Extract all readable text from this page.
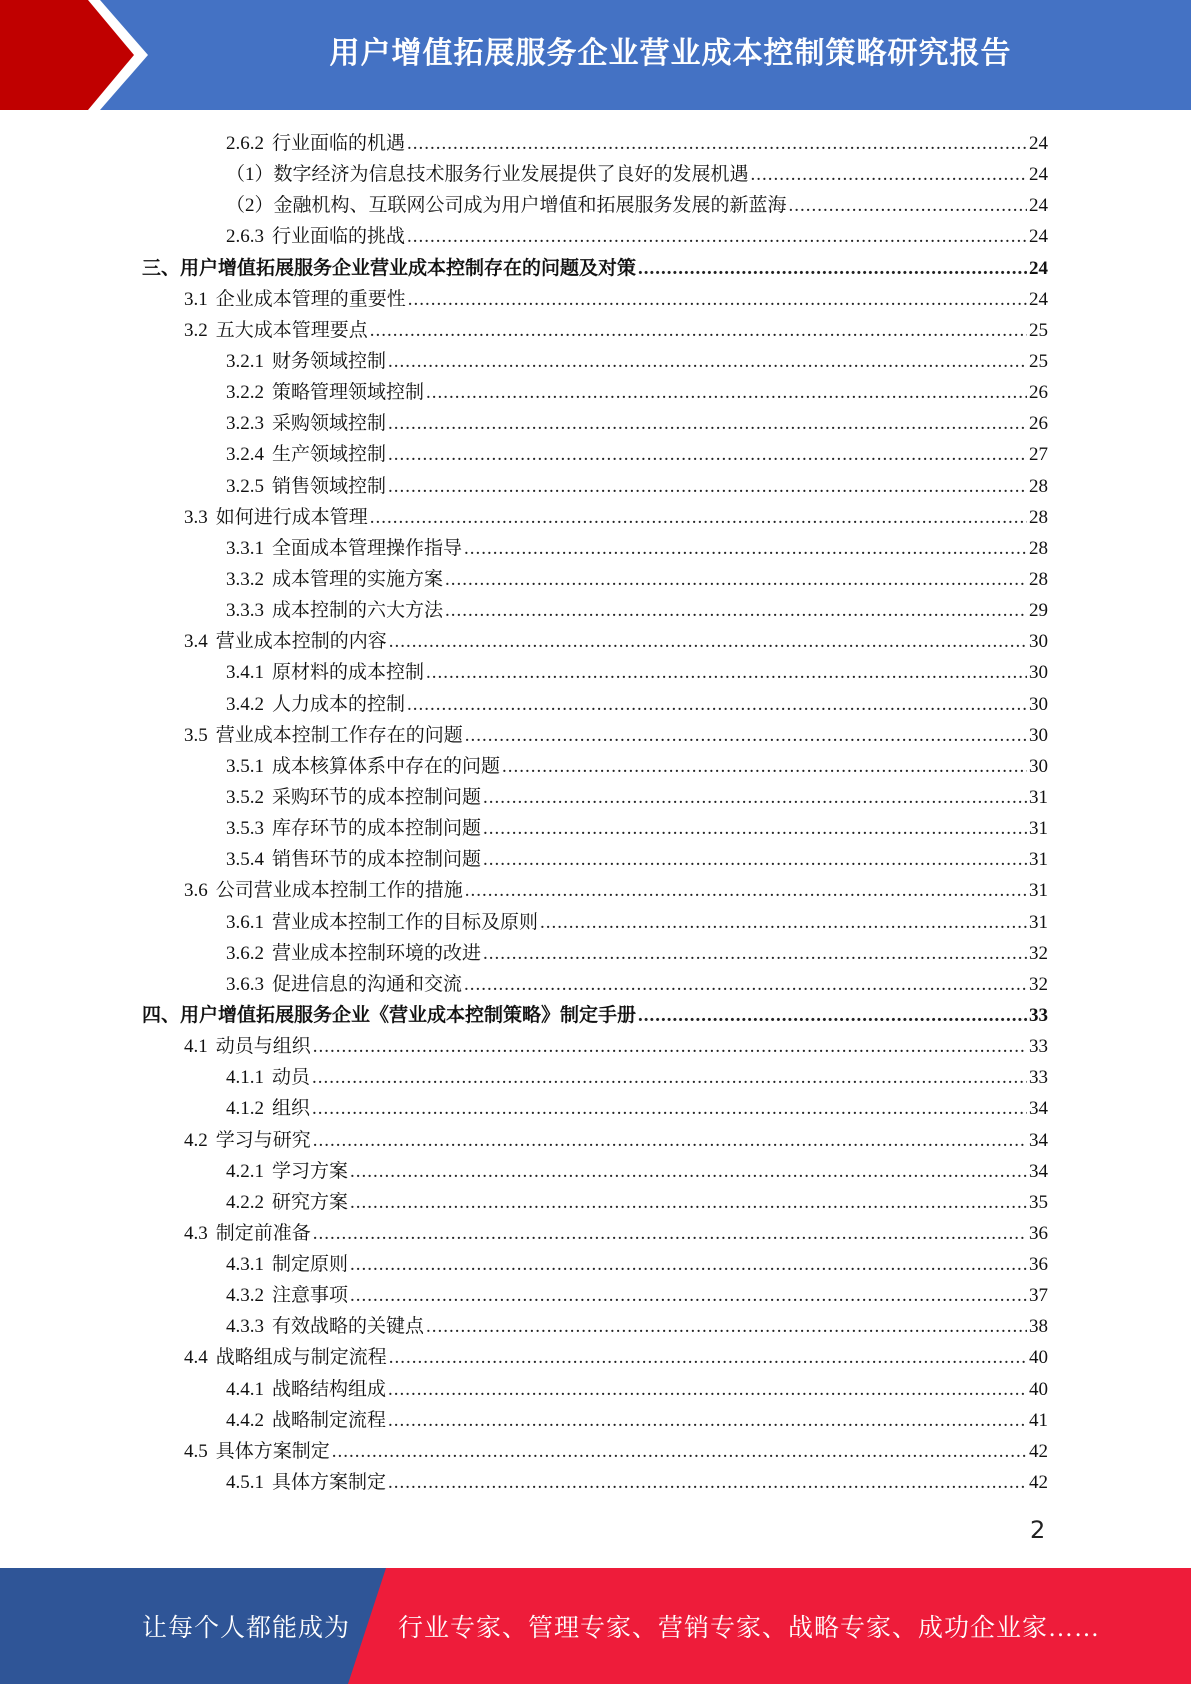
用户增值拓展服务企业营业成本控制策略研究报告
2.6.2 行业面临的机遇 .....	24
（1）数字经济为信息技术服务行业发展提供了良好的发展机遇 .....	24
（2）金融机构、互联网公司成为用户增值和拓展服务发展的新蓝海 .....	24
2.6.3 行业面临的挑战 .....	24
三、用户增值拓展服务企业营业成本控制存在的问题及对策 .....	24
3.1 企业成本管理的重要性 .....	24
3.2 五大成本管理要点 .....	25
3.2.1 财务领域控制 .....	25
3.2.2 策略管理领域控制 .....	26
3.2.3 采购领域控制 .....	26
3.2.4 生产领域控制 .....	27
3.2.5 销售领域控制 .....	28
3.3 如何进行成本管理 .....	28
3.3.1 全面成本管理操作指导 .....	28
3.3.2 成本管理的实施方案 .....	28
3.3.3 成本控制的六大方法 .....	29
3.4 营业成本控制的内容 .....	30
3.4.1 原材料的成本控制 .....	30
3.4.2 人力成本的控制 .....	30
3.5 营业成本控制工作存在的问题 .....	30
3.5.1 成本核算体系中存在的问题 .....	30
3.5.2 采购环节的成本控制问题 .....	31
3.5.3 库存环节的成本控制问题 .....	31
3.5.4 销售环节的成本控制问题 .....	31
3.6 公司营业成本控制工作的措施 .....	31
3.6.1 营业成本控制工作的目标及原则 .....	31
3.6.2 营业成本控制环境的改进 .....	32
3.6.3 促进信息的沟通和交流 .....	32
四、用户增值拓展服务企业《营业成本控制策略》制定手册 .....	33
4.1 动员与组织 .....	33
4.1.1 动员 .....	33
4.1.2 组织 .....	34
4.2 学习与研究 .....	34
4.2.1 学习方案 .....	34
4.2.2 研究方案 .....	35
4.3 制定前准备 .....	36
4.3.1 制定原则 .....	36
4.3.2 注意事项 .....	37
4.3.3 有效战略的关键点 .....	38
4.4 战略组成与制定流程 .....	40
4.4.1 战略结构组成 .....	40
4.4.2 战略制定流程 .....	41
4.5 具体方案制定 .....	42
4.5.1 具体方案制定 .....	42
2
让每个人都能成为	行业专家、管理专家、营销专家、战略专家、成功企业家……
